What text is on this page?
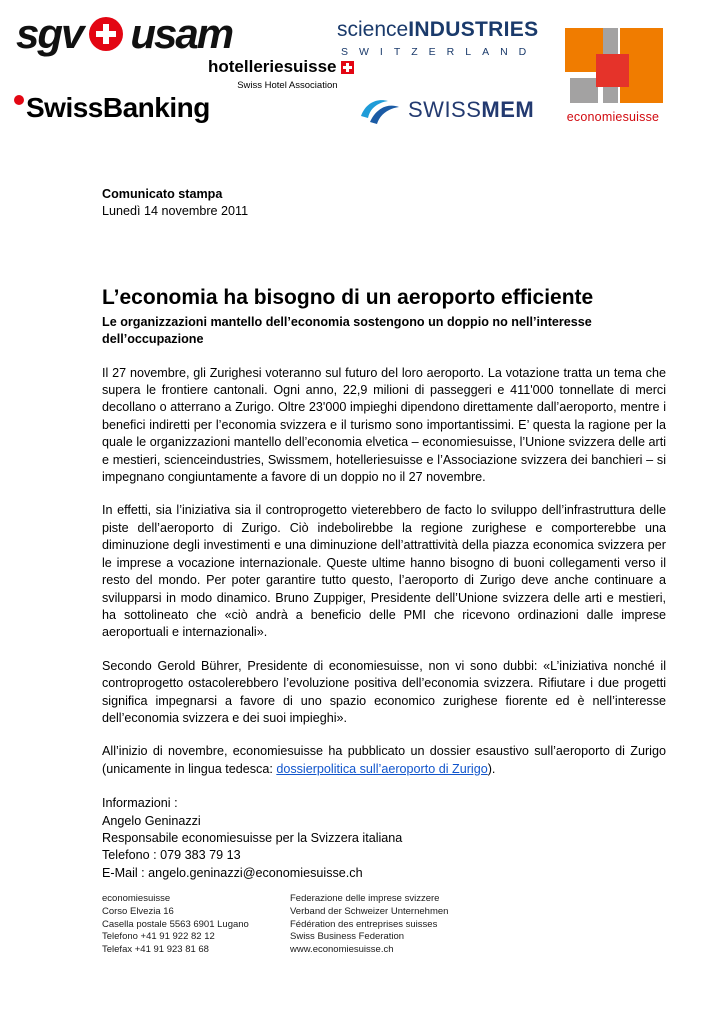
sgv usam
SwissBanking
hotelleriesuisse
Swiss Hotel Association
scienceINDUSTRIES
SWITZERLAND
SWISSMEM	economiesuisse
Comunicato stampa
Lunedì 14 novembre 2011
L’economia ha bisogno di un aeroporto efficiente
Le organizzazioni mantello dell’economia sostengono un doppio no nell’interesse dell’occupazione

Il 27 novembre, gli Zurighesi voteranno sul futuro del loro aeroporto. La votazione tratta un tema che supera le frontiere cantonali. Ogni anno, 22,9 milioni di passeggeri e 411'000 tonnellate di merci decollano o atterrano a Zurigo. Oltre 23'000 impieghi dipendono direttamente dall’aeroporto, mentre i benefici indiretti per l’economia svizzera e il turismo sono importantissimi. E’ questa la ragione per la quale le organizzazioni mantello dell’economia elvetica – economiesuisse, l’Unione svizzera delle arti e mestieri, scienceindustries, Swissmem, hotelleriesuisse e l’Associazione svizzera dei banchieri – si impegnano congiuntamente a favore di un doppio no il 27 novembre.

In effetti, sia l’iniziativa sia il controprogetto vieterebbero de facto lo sviluppo dell’infrastruttura delle piste dell’aeroporto di Zurigo. Ciò indebolirebbe la regione zurighese e comporterebbe una diminuzione degli investimenti e una diminuzione dell’attrattività della piazza economica svizzera per le imprese a vocazione internazionale. Queste ultime hanno bisogno di buoni collegamenti verso il resto del mondo. Per poter garantire tutto questo, l’aeroporto di Zurigo deve anche continuare a svilupparsi in modo dinamico. Bruno Zuppiger, Presidente dell’Unione svizzera delle arti e mestieri, ha sottolineato che «ciò andrà a beneficio delle PMI che ricevono ordinazioni dalle imprese aeroportuali e internazionali».

Secondo Gerold Bührer, Presidente di economiesuisse, non vi sono dubbi: «L’iniziativa nonché il controprogetto ostacolerebbero l’evoluzione positiva dell’economia svizzera. Rifiutare i due progetti significa impegnarsi a favore di uno spazio economico zurighese fiorente ed è nell’interesse dell’economia svizzera e dei suoi impieghi».

All’inizio di novembre, economiesuisse ha pubblicato un dossier esaustivo sull’aeroporto di Zurigo (unicamente in lingua tedesca: dossierpolitica sull’aeroporto di Zurigo).

Informazioni :
Angelo Geninazzi
Responsabile economiesuisse per la Svizzera italiana
Telefono : 079 383 79 13
E-Mail : angelo.geninazzi@economiesuisse.ch
economiesuisse
Corso Elvezia 16
Casella postale 5563 6901 Lugano
Telefono +41 91 922 82 12
Telefax +41 91 923 81 68
Federazione delle imprese svizzere
Verband der Schweizer Unternehmen
Fédération des entreprises suisses
Swiss Business Federation
www.economiesuisse.ch
